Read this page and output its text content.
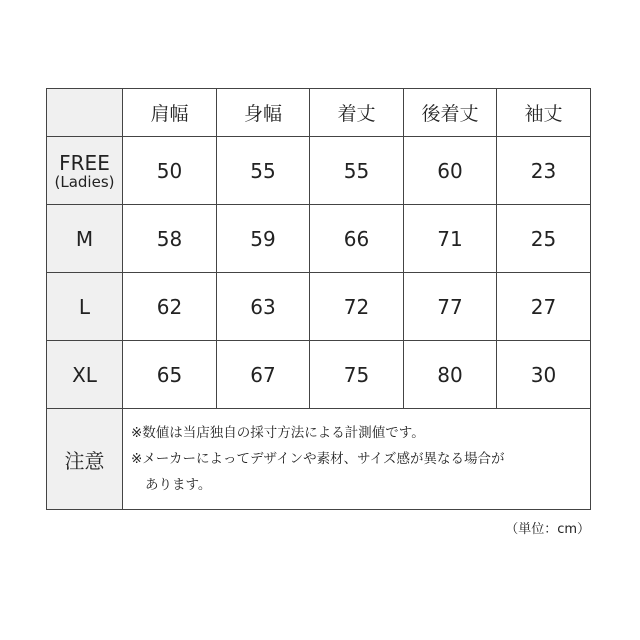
	肩幅	身幅	着丈	後着丈	袖丈

FREE
(Ladies)	50	55	55	60	23

M	58	59	66	71	25

L	62	63	72	77	27

XL	65	67	75	80	30
注意	※数値は当店独自の採寸方法による計測値です。
※メーカーによってデザインや素材、サイズ感が異なる場合が
あります。				
（単位：cm）
